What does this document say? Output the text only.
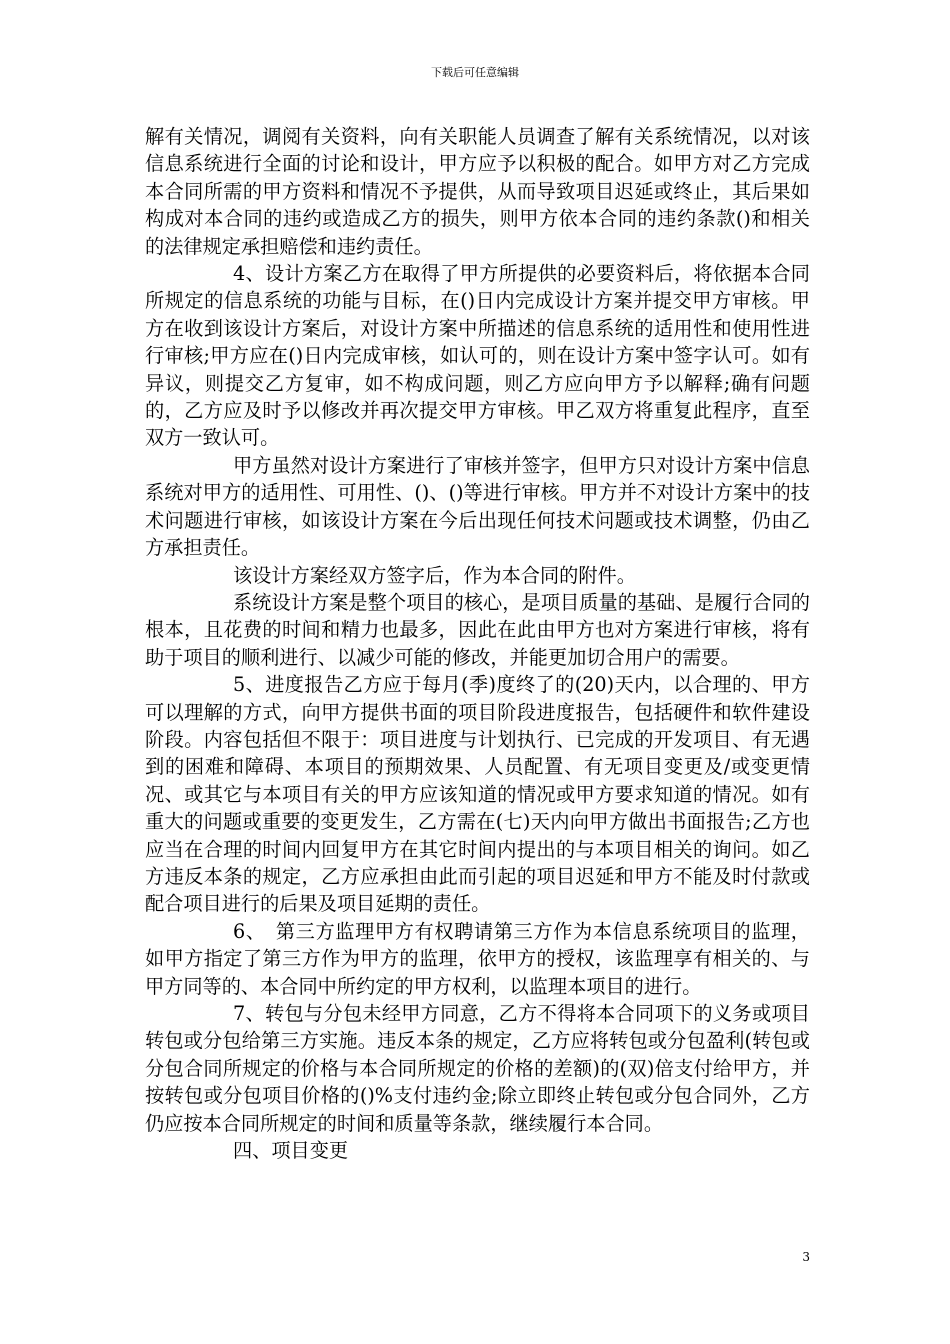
下载后可任意编辑

解有关情况，调阅有关资料，向有关职能人员调查了解有关系统情况，以对该信息系统进行全面的讨论和设计，甲方应予以积极的配合。如甲方对乙方完成本合同所需的甲方资料和情况不予提供，从而导致项目迟延或终止，其后果如构成对本合同的违约或造成乙方的损失，则甲方依本合同的违约条款()和相关的法律规定承担赔偿和违约责任。

4、设计方案乙方在取得了甲方所提供的必要资料后，将依据本合同所规定的信息系统的功能与目标，在()日内完成设计方案并提交甲方审核。甲方在收到该设计方案后，对设计方案中所描述的信息系统的适用性和使用性进行审核;甲方应在()日内完成审核，如认可的，则在设计方案中签字认可。如有异议，则提交乙方复审，如不构成问题，则乙方应向甲方予以解释;确有问题的，乙方应及时予以修改并再次提交甲方审核。甲乙双方将重复此程序，直至双方一致认可。

甲方虽然对设计方案进行了审核并签字，但甲方只对设计方案中信息系统对甲方的适用性、可用性、()、()等进行审核。甲方并不对设计方案中的技术问题进行审核，如该设计方案在今后出现任何技术问题或技术调整，仍由乙方承担责任。

该设计方案经双方签字后，作为本合同的附件。

系统设计方案是整个项目的核心，是项目质量的基础、是履行合同的根本，且花费的时间和精力也最多，因此在此由甲方也对方案进行审核，将有助于项目的顺利进行、以减少可能的修改，并能更加切合用户的需要。

5、进度报告乙方应于每月(季)度终了的(20)天内，以合理的、甲方可以理解的方式，向甲方提供书面的项目阶段进度报告，包括硬件和软件建设阶段。内容包括但不限于：项目进度与计划执行、已完成的开发项目、有无遇到的困难和障碍、本项目的预期效果、人员配置、有无项目变更及/或变更情况、或其它与本项目有关的甲方应该知道的情况或甲方要求知道的情况。如有重大的问题或重要的变更发生，乙方需在(七)天内向甲方做出书面报告;乙方也应当在合理的时间内回复甲方在其它时间内提出的与本项目相关的询问。如乙方违反本条的规定，乙方应承担由此而引起的项目迟延和甲方不能及时付款或配合项目进行的后果及项目延期的责任。

6、　第三方监理甲方有权聘请第三方作为本信息系统项目的监理，如甲方指定了第三方作为甲方的监理，依甲方的授权，该监理享有相关的、与甲方同等的、本合同中所约定的甲方权利，以监理本项目的进行。

7、转包与分包未经甲方同意，乙方不得将本合同项下的义务或项目转包或分包给第三方实施。违反本条的规定，乙方应将转包或分包盈利(转包或分包合同所规定的价格与本合同所规定的价格的差额)的(双)倍支付给甲方，并按转包或分包项目价格的()%支付违约金;除立即终止转包或分包合同外，乙方仍应按本合同所规定的时间和质量等条款，继续履行本合同。

四、项目变更

3
